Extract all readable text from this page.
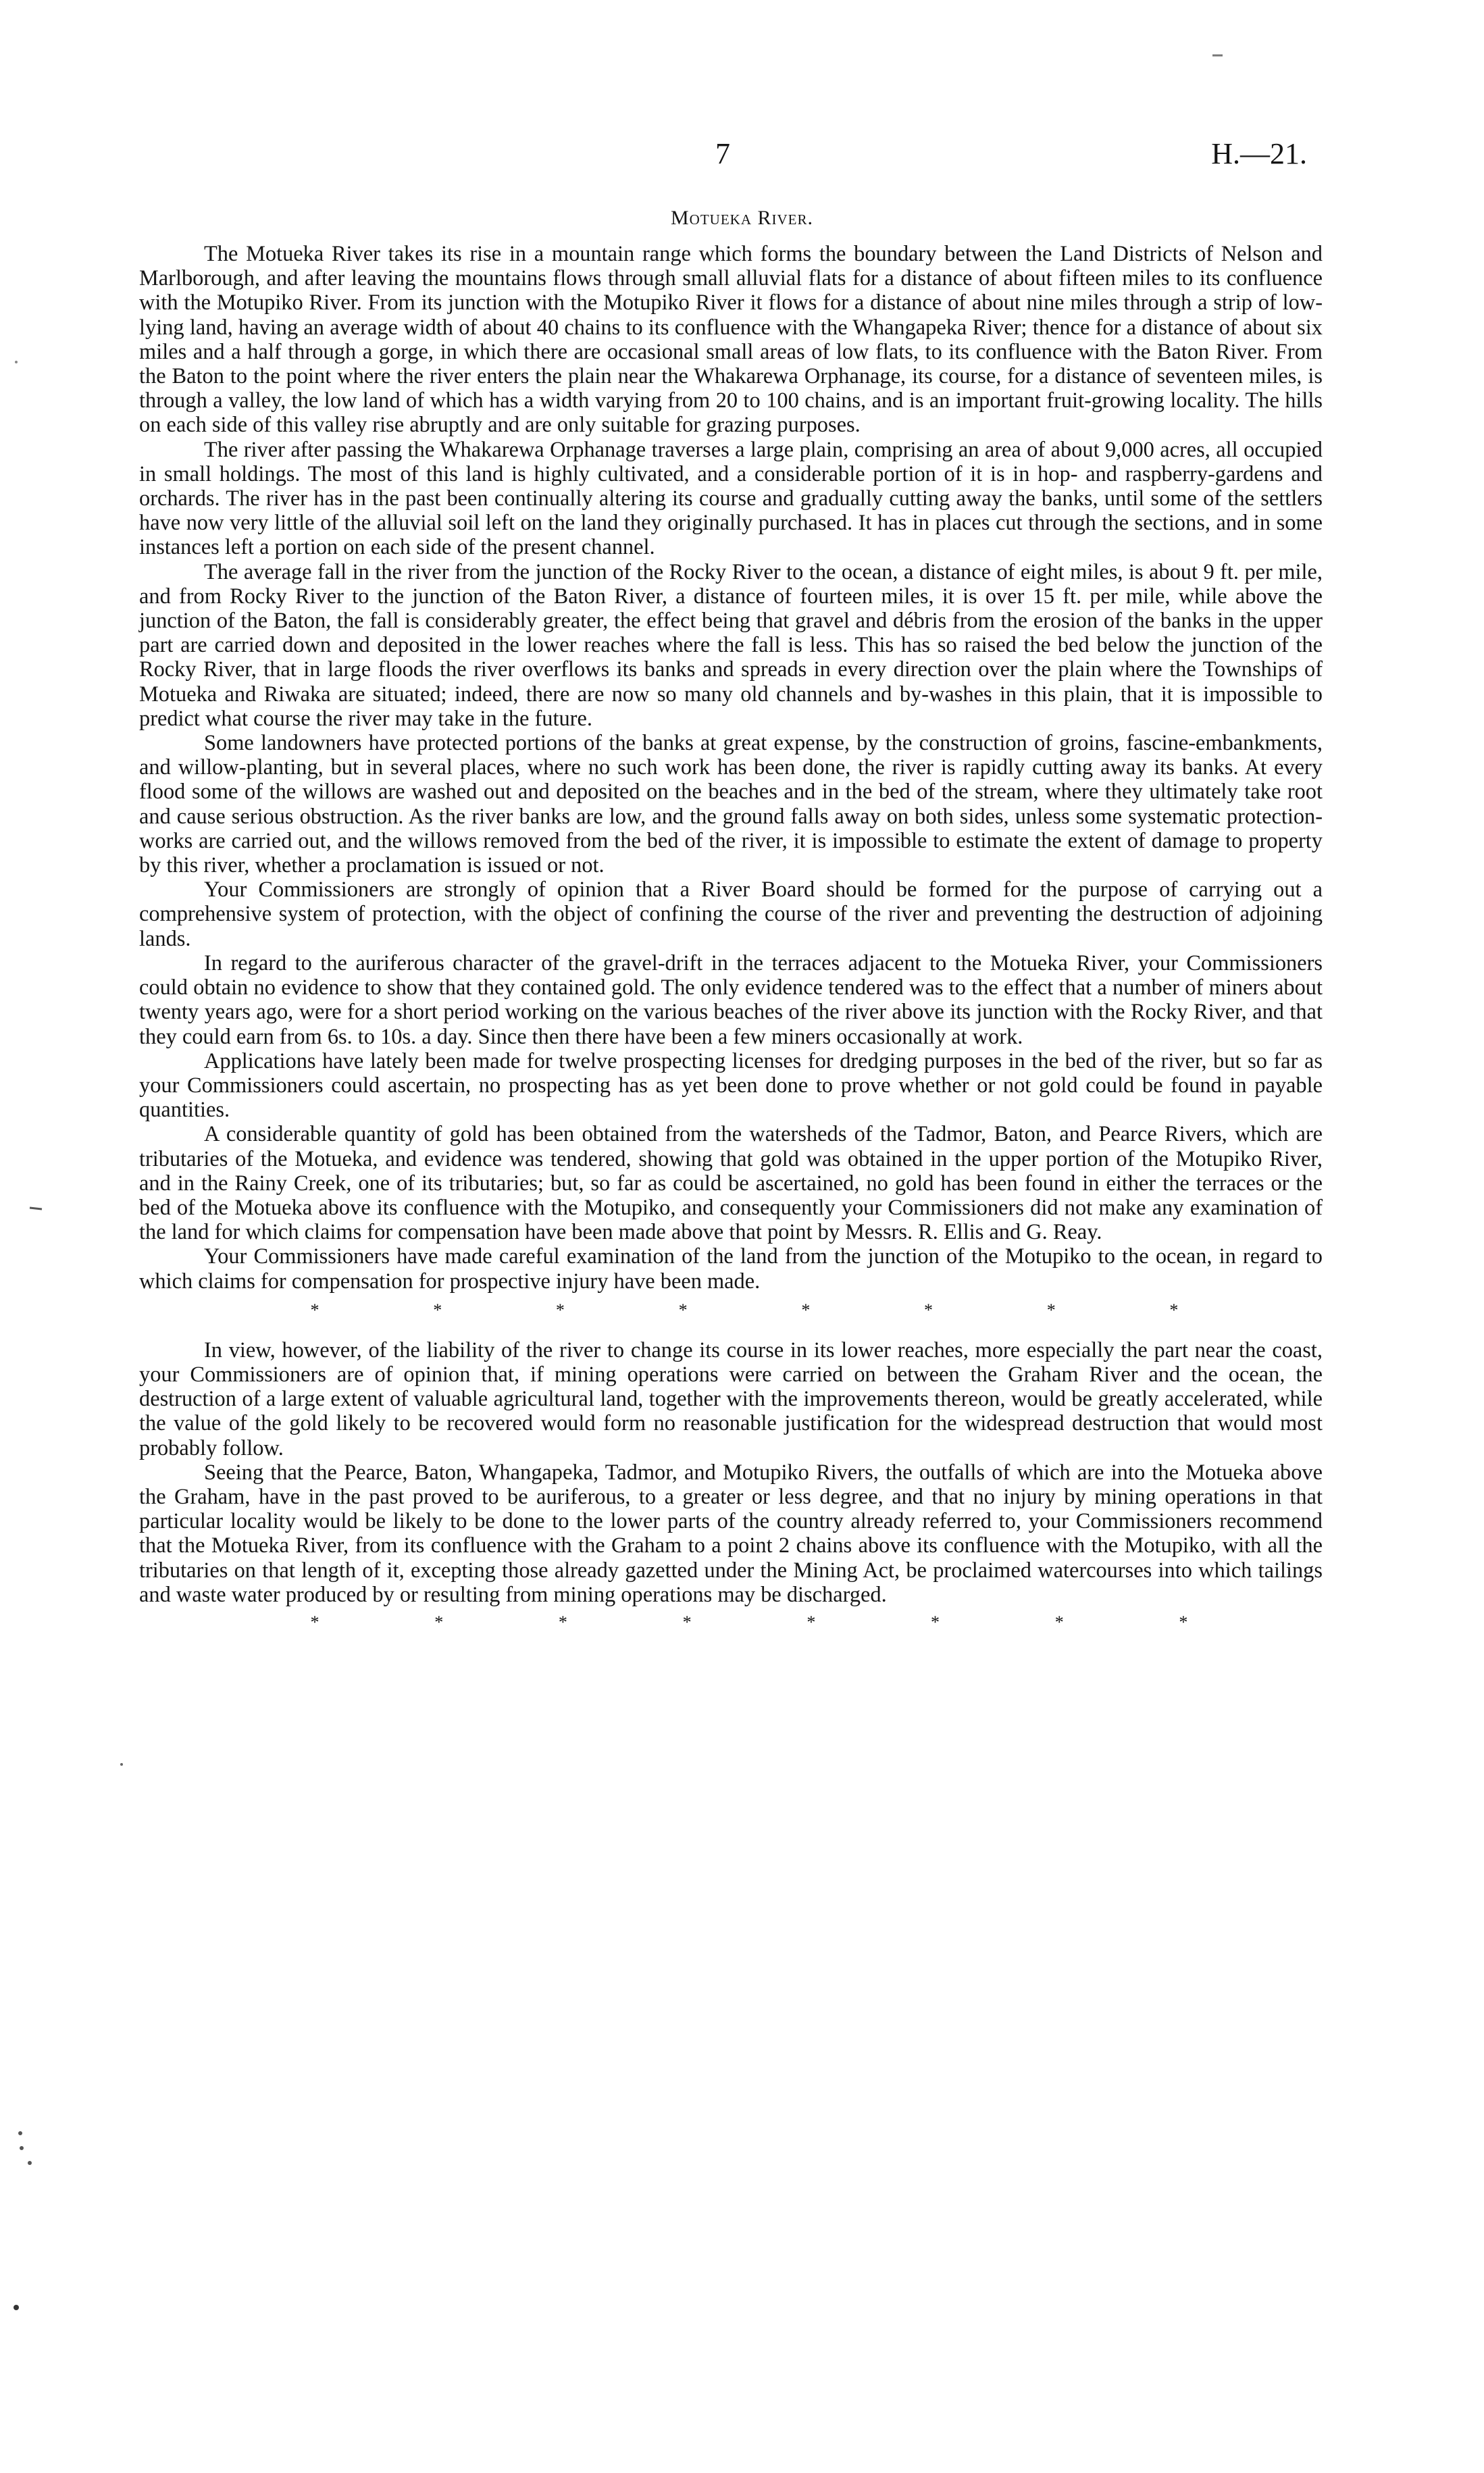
7	H.—21.
Motueka River.

The Motueka River takes its rise in a mountain range which forms the boundary between the Land Districts of Nelson and Marlborough, and after leaving the mountains flows through small alluvial flats for a distance of about fifteen miles to its confluence with the Motupiko River. From its junction with the Motupiko River it flows for a distance of about nine miles through a strip of low-lying land, having an average width of about 40 chains to its confluence with the Whangapeka River; thence for a distance of about six miles and a half through a gorge, in which there are occasional small areas of low flats, to its confluence with the Baton River. From the Baton to the point where the river enters the plain near the Whakarewa Orphanage, its course, for a distance of seventeen miles, is through a valley, the low land of which has a width varying from 20 to 100 chains, and is an important fruit-growing locality. The hills on each side of this valley rise abruptly and are only suitable for grazing purposes.

The river after passing the Whakarewa Orphanage traverses a large plain, comprising an area of about 9,000 acres, all occupied in small holdings. The most of this land is highly cultivated, and a considerable portion of it is in hop- and raspberry-gardens and orchards. The river has in the past been continually altering its course and gradually cutting away the banks, until some of the settlers have now very little of the alluvial soil left on the land they originally purchased. It has in places cut through the sections, and in some instances left a portion on each side of the present channel.

The average fall in the river from the junction of the Rocky River to the ocean, a distance of eight miles, is about 9 ft. per mile, and from Rocky River to the junction of the Baton River, a distance of fourteen miles, it is over 15 ft. per mile, while above the junction of the Baton, the fall is considerably greater, the effect being that gravel and débris from the erosion of the banks in the upper part are carried down and deposited in the lower reaches where the fall is less. This has so raised the bed below the junction of the Rocky River, that in large floods the river overflows its banks and spreads in every direction over the plain where the Townships of Motueka and Riwaka are situated; indeed, there are now so many old channels and by-washes in this plain, that it is impossible to predict what course the river may take in the future.

Some landowners have protected portions of the banks at great expense, by the construction of groins, fascine-embankments, and willow-planting, but in several places, where no such work has been done, the river is rapidly cutting away its banks. At every flood some of the willows are washed out and deposited on the beaches and in the bed of the stream, where they ultimately take root and cause serious obstruction. As the river banks are low, and the ground falls away on both sides, unless some systematic protection-works are carried out, and the willows removed from the bed of the river, it is impossible to estimate the extent of damage to property by this river, whether a proclamation is issued or not.

Your Commissioners are strongly of opinion that a River Board should be formed for the purpose of carrying out a comprehensive system of protection, with the object of confining the course of the river and preventing the destruction of adjoining lands.

In regard to the auriferous character of the gravel-drift in the terraces adjacent to the Motueka River, your Commissioners could obtain no evidence to show that they contained gold. The only evidence tendered was to the effect that a number of miners about twenty years ago, were for a short period working on the various beaches of the river above its junction with the Rocky River, and that they could earn from 6s. to 10s. a day. Since then there have been a few miners occasionally at work.

Applications have lately been made for twelve prospecting licenses for dredging purposes in the bed of the river, but so far as your Commissioners could ascertain, no prospecting has as yet been done to prove whether or not gold could be found in payable quantities.

A considerable quantity of gold has been obtained from the watersheds of the Tadmor, Baton, and Pearce Rivers, which are tributaries of the Motueka, and evidence was tendered, showing that gold was obtained in the upper portion of the Motupiko River, and in the Rainy Creek, one of its tributaries; but, so far as could be ascertained, no gold has been found in either the terraces or the bed of the Motueka above its confluence with the Motupiko, and consequently your Commissioners did not make any examination of the land for which claims for compensation have been made above that point by Messrs. R. Ellis and G. Reay.

Your Commissioners have made careful examination of the land from the junction of the Motupiko to the ocean, in regard to which claims for compensation for prospective injury have been made.

*	*	*	*	*	*	*	*

In view, however, of the liability of the river to change its course in its lower reaches, more especially the part near the coast, your Commissioners are of opinion that, if mining operations were carried on between the Graham River and the ocean, the destruction of a large extent of valuable agricultural land, together with the improvements thereon, would be greatly accelerated, while the value of the gold likely to be recovered would form no reasonable justification for the widespread destruction that would most probably follow.

Seeing that the Pearce, Baton, Whangapeka, Tadmor, and Motupiko Rivers, the outfalls of which are into the Motueka above the Graham, have in the past proved to be auriferous, to a greater or less degree, and that no injury by mining operations in that particular locality would be likely to be done to the lower parts of the country already referred to, your Commissioners recommend that the Motueka River, from its confluence with the Graham to a point 2 chains above its confluence with the Motupiko, with all the tributaries on that length of it, excepting those already gazetted under the Mining Act, be proclaimed watercourses into which tailings and waste water produced by or resulting from mining operations may be discharged.

*	*	*	*	*	*	*	*
